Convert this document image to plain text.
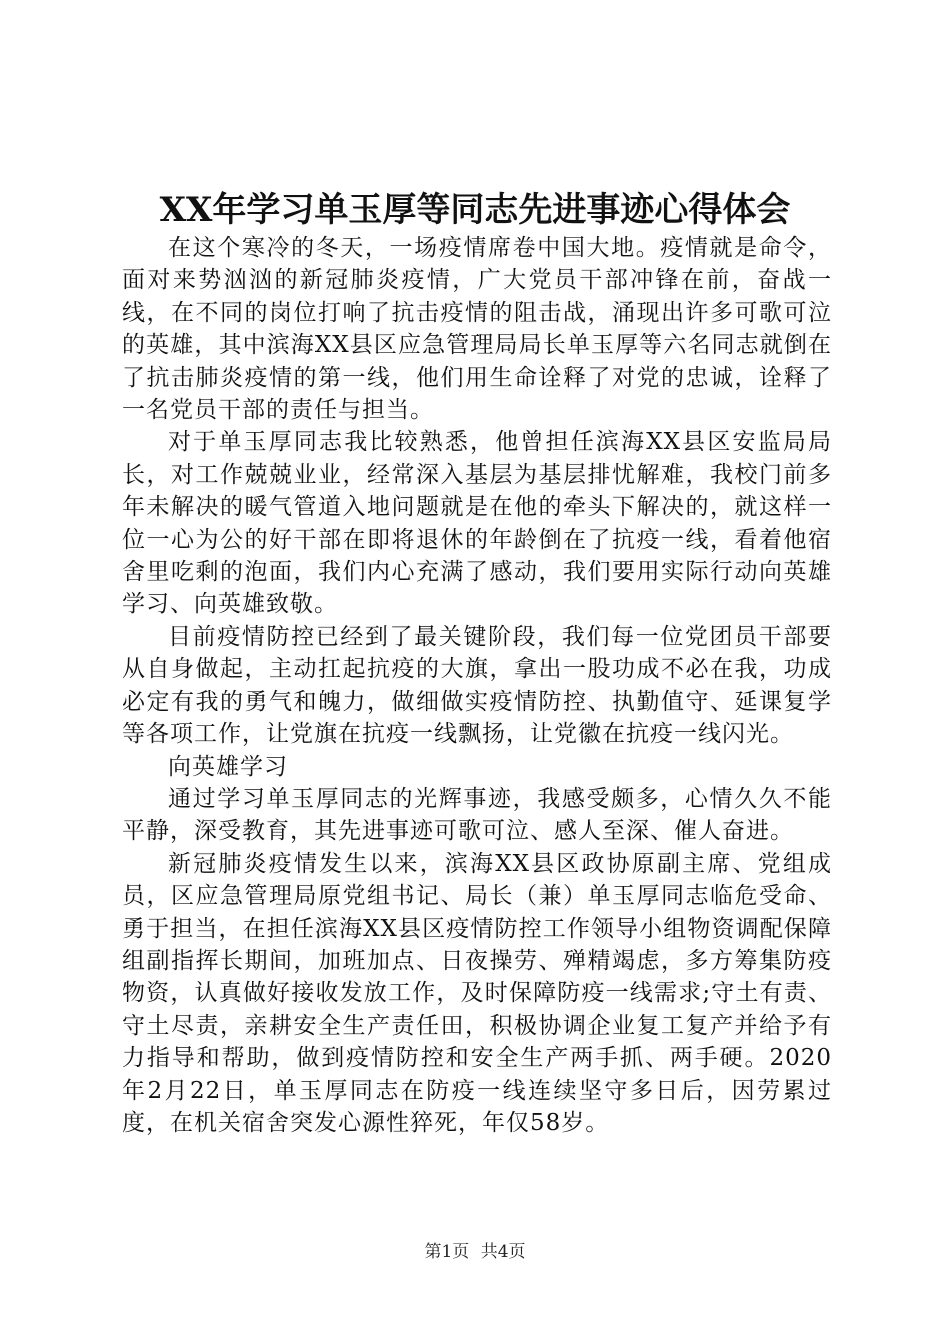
XX年学习单玉厚等同志先进事迹心得体会

在这个寒冷的冬天，一场疫情席卷中国大地。疫情就是命令，面对来势汹汹的新冠肺炎疫情，广大党员干部冲锋在前，奋战一线，在不同的岗位打响了抗击疫情的阻击战，涌现出许多可歌可泣的英雄，其中滨海XX县区应急管理局局长单玉厚等六名同志就倒在了抗击肺炎疫情的第一线，他们用生命诠释了对党的忠诚，诠释了一名党员干部的责任与担当。

对于单玉厚同志我比较熟悉，他曾担任滨海XX县区安监局局长，对工作兢兢业业，经常深入基层为基层排忧解难，我校门前多年未解决的暖气管道入地问题就是在他的牵头下解决的，就这样一位一心为公的好干部在即将退休的年龄倒在了抗疫一线，看着他宿舍里吃剩的泡面，我们内心充满了感动，我们要用实际行动向英雄学习、向英雄致敬。

目前疫情防控已经到了最关键阶段，我们每一位党团员干部要从自身做起，主动扛起抗疫的大旗，拿出一股功成不必在我，功成必定有我的勇气和魄力，做细做实疫情防控、执勤值守、延课复学等各项工作，让党旗在抗疫一线飘扬，让党徽在抗疫一线闪光。

向英雄学习

通过学习单玉厚同志的光辉事迹，我感受颇多，心情久久不能平静，深受教育，其先进事迹可歌可泣、感人至深、催人奋进。

新冠肺炎疫情发生以来，滨海XX县区政协原副主席、党组成员，区应急管理局原党组书记、局长（兼）单玉厚同志临危受命、勇于担当，在担任滨海XX县区疫情防控工作领导小组物资调配保障组副指挥长期间，加班加点、日夜操劳、殚精竭虑，多方筹集防疫物资，认真做好接收发放工作，及时保障防疫一线需求;守土有责、守土尽责，亲耕安全生产责任田，积极协调企业复工复产并给予有力指导和帮助，做到疫情防控和安全生产两手抓、两手硬。2020年2月22日，单玉厚同志在防疫一线连续坚守多日后，因劳累过度，在机关宿舍突发心源性猝死，年仅58岁。

第1页 共4页
